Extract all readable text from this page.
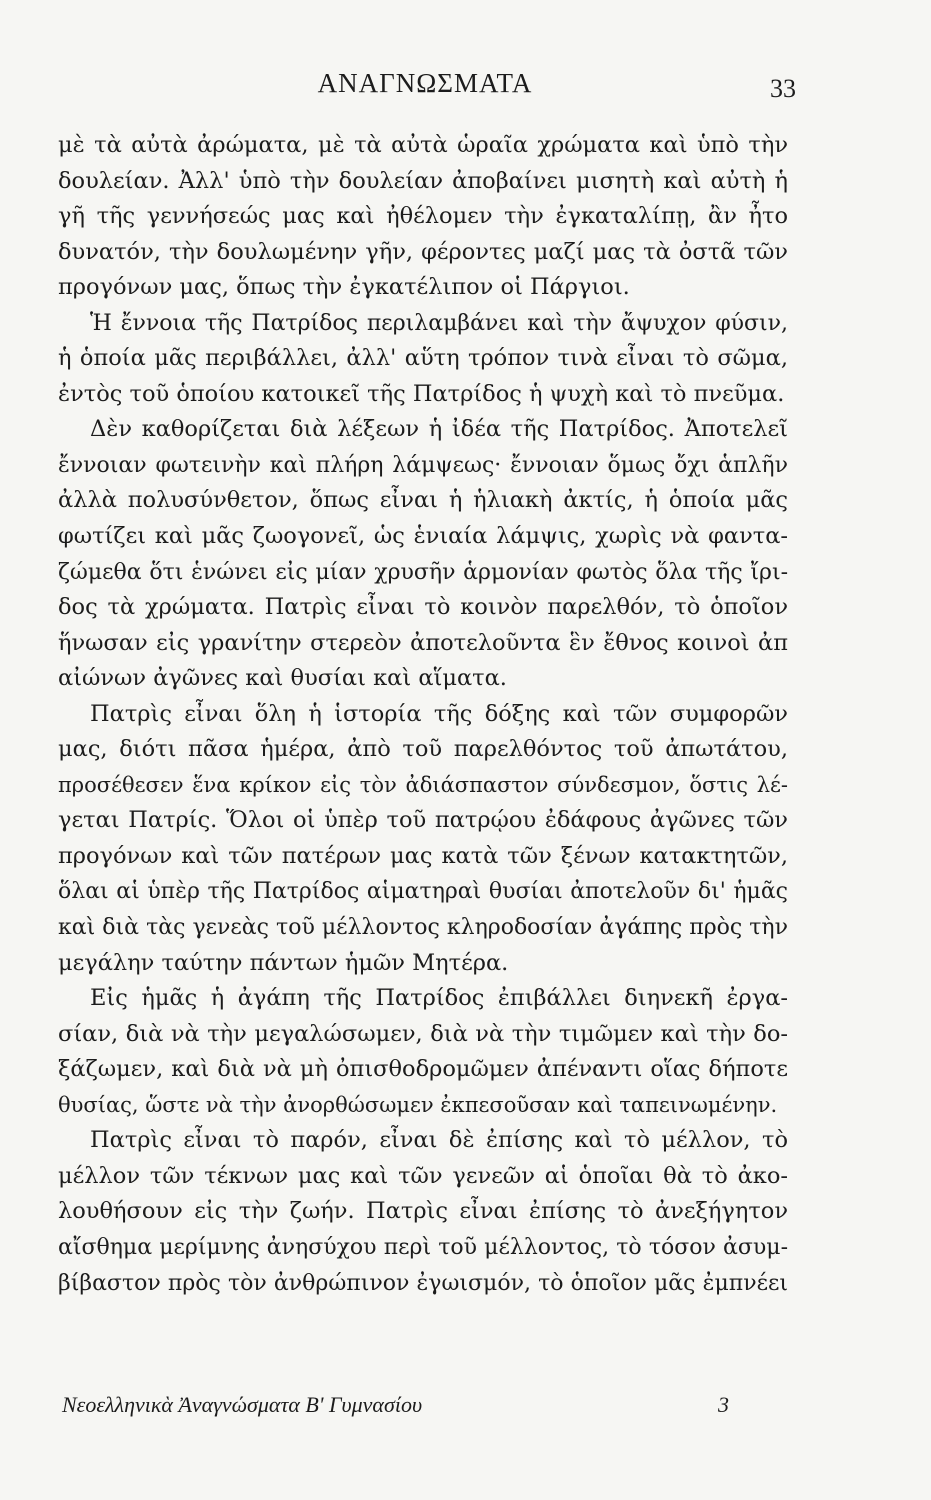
ΑΝΑΓΝΩΣΜΑΤΑ	33
μὲ τὰ αὐτὰ ἀρώματα, μὲ τὰ αὐτὰ ὡραῖα χρώματα καὶ ὑπὸ τὴν
δουλείαν. Ἀλλ' ὑπὸ τὴν δουλείαν ἀποβαίνει μισητὴ καὶ αὐτὴ ἡ
γῆ τῆς γεννήσεώς μας καὶ ἠθέλομεν τὴν ἐγκαταλίπῃ, ἂν ἦτο
δυνατόν, τὴν δουλωμένην γῆν, φέροντες μαζί μας τὰ ὀστᾶ τῶν
προγόνων μας, ὅπως τὴν ἐγκατέλιπον οἱ Πάργιοι.
Ἡ ἔννοια τῆς Πατρίδος περιλαμβάνει καὶ τὴν ἄψυχον φύσιν,
ἡ ὁποία μᾶς περιβάλλει, ἀλλ' αὕτη τρόπον τινὰ εἶναι τὸ σῶμα,
ἐντὸς τοῦ ὁποίου κατοικεῖ τῆς Πατρίδος ἡ ψυχὴ καὶ τὸ πνεῦμα.
Δὲν καθορίζεται διὰ λέξεων ἡ ἰδέα τῆς Πατρίδος. Ἀποτελεῖ
ἔννοιαν φωτεινὴν καὶ πλήρη λάμψεως· ἔννοιαν ὅμως ὄχι ἁπλῆν
ἀλλὰ πολυσύνθετον, ὅπως εἶναι ἡ ἡλιακὴ ἀκτίς, ἡ ὁποία μᾶς
φωτίζει καὶ μᾶς ζωογονεῖ, ὡς ἑνιαία λάμψις, χωρὶς νὰ φαντα-
ζώμεθα ὅτι ἑνώνει εἰς μίαν χρυσῆν ἁρμονίαν φωτὸς ὅλα τῆς ἴρι-
δος τὰ χρώματα. Πατρὶς εἶναι τὸ κοινὸν παρελθόν, τὸ ὁποῖον
ἥνωσαν εἰς γρανίτην στερεὸν ἀποτελοῦντα ἓν ἔθνος κοινοὶ ἀπ
αἰώνων ἀγῶνες καὶ θυσίαι καὶ αἵματα.
Πατρὶς εἶναι ὅλη ἡ ἱστορία τῆς δόξης καὶ τῶν συμφορῶν
μας, διότι πᾶσα ἡμέρα, ἀπὸ τοῦ παρελθόντος τοῦ ἀπωτάτου,
προσέθεσεν ἕνα κρίκον εἰς τὸν ἀδιάσπαστον σύνδεσμον, ὅστις λέ-
γεται Πατρίς. Ὅλοι οἱ ὑπὲρ τοῦ πατρῴου ἐδάφους ἀγῶνες τῶν
προγόνων καὶ τῶν πατέρων μας κατὰ τῶν ξένων κατακτητῶν,
ὅλαι αἱ ὑπὲρ τῆς Πατρίδος αἱματηραὶ θυσίαι ἀποτελοῦν δι' ἡμᾶς
καὶ διὰ τὰς γενεὰς τοῦ μέλλοντος κληροδοσίαν ἀγάπης πρὸς τὴν
μεγάλην ταύτην πάντων ἡμῶν Μητέρα.
Εἰς ἡμᾶς ἡ ἀγάπη τῆς Πατρίδος ἐπιβάλλει διηνεκῆ ἐργα-
σίαν, διὰ νὰ τὴν μεγαλώσωμεν, διὰ νὰ τὴν τιμῶμεν καὶ τὴν δο-
ξάζωμεν, καὶ διὰ νὰ μὴ ὀπισθοδρομῶμεν ἀπέναντι οἵας δήποτε
θυσίας, ὥστε νὰ τὴν ἀνορθώσωμεν ἐκπεσοῦσαν καὶ ταπεινωμένην.
Πατρὶς εἶναι τὸ παρόν, εἶναι δὲ ἐπίσης καὶ τὸ μέλλον, τὸ
μέλλον τῶν τέκνων μας καὶ τῶν γενεῶν αἱ ὁποῖαι θὰ τὸ ἀκο-
λουθήσουν εἰς τὴν ζωήν. Πατρὶς εἶναι ἐπίσης τὸ ἀνεξήγητον
αἴσθημα μερίμνης ἀνησύχου περὶ τοῦ μέλλοντος, τὸ τόσον ἀσυμ-
βίβαστον πρὸς τὸν ἀνθρώπινον ἐγωισμόν, τὸ ὁποῖον μᾶς ἐμπνέει
Νεοελληνικὰ Ἀναγνώσματα Β' Γυμνασίου	3
